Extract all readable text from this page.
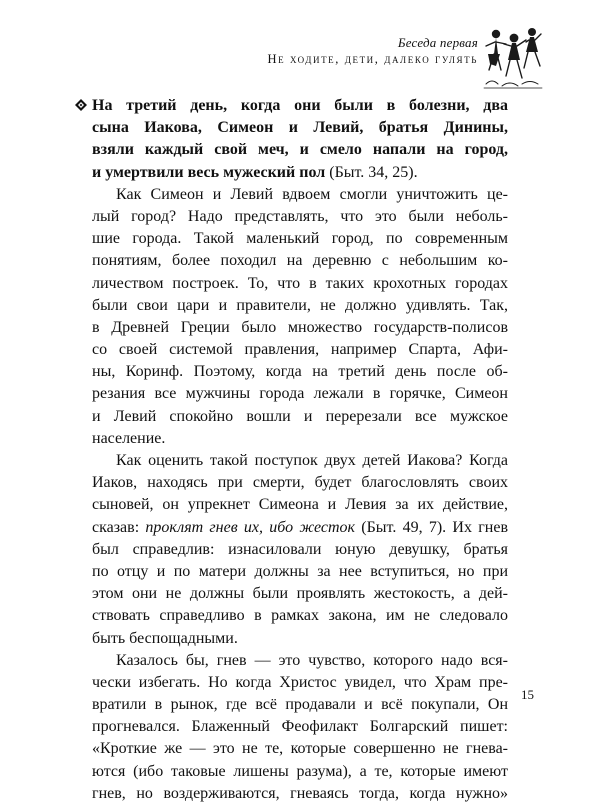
Беседа первая
Не ходите, дети, далеко гулять
На третий день, когда они были в болезни, два
сына Иакова, Симеон и Левий, братья Динины,
взяли каждый свой меч, и смело напали на город,
и умертвили весь мужеский пол (Быт. 34, 25).
Как Симеон и Левий вдвоем смогли уничтожить це-
лый город? Надо представлять, что это были неболь-
шие города. Такой маленький город, по современным
понятиям, более походил на деревню с небольшим ко-
личеством построек. То, что в таких крохотных городах
были свои цари и правители, не должно удивлять. Так,
в Древней Греции было множество государств-полисов
со своей системой правления, например Спарта, Афи-
ны, Коринф. Поэтому, когда на третий день после об-
резания все мужчины города лежали в горячке, Симеон
и Левий спокойно вошли и перерезали все мужское
население.
Как оценить такой поступок двух детей Иакова? Когда
Иаков, находясь при смерти, будет благословлять своих
сыновей, он упрекнет Симеона и Левия за их действие,
сказав: проклят гнев их, ибо жесток (Быт. 49, 7). Их гнев
был справедлив: изнасиловали юную девушку, братья
по отцу и по матери должны за нее вступиться, но при
этом они не должны были проявлять жестокость, а дей-
ствовать справедливо в рамках закона, им не следовало
быть беспощадными.
Казалось бы, гнев — это чувство, которого надо вся-
чески избегать. Но когда Христос увидел, что Храм пре-
вратили в рынок, где всё продавали и всё покупали, Он
прогневался. Блаженный Феофилакт Болгарский пишет:
«Кроткие же — это не те, которые совершенно не гнева-
ются (ибо таковые лишены разума), а те, которые имеют
гнев, но воздерживаются, гневаясь тогда, когда нужно»
15
